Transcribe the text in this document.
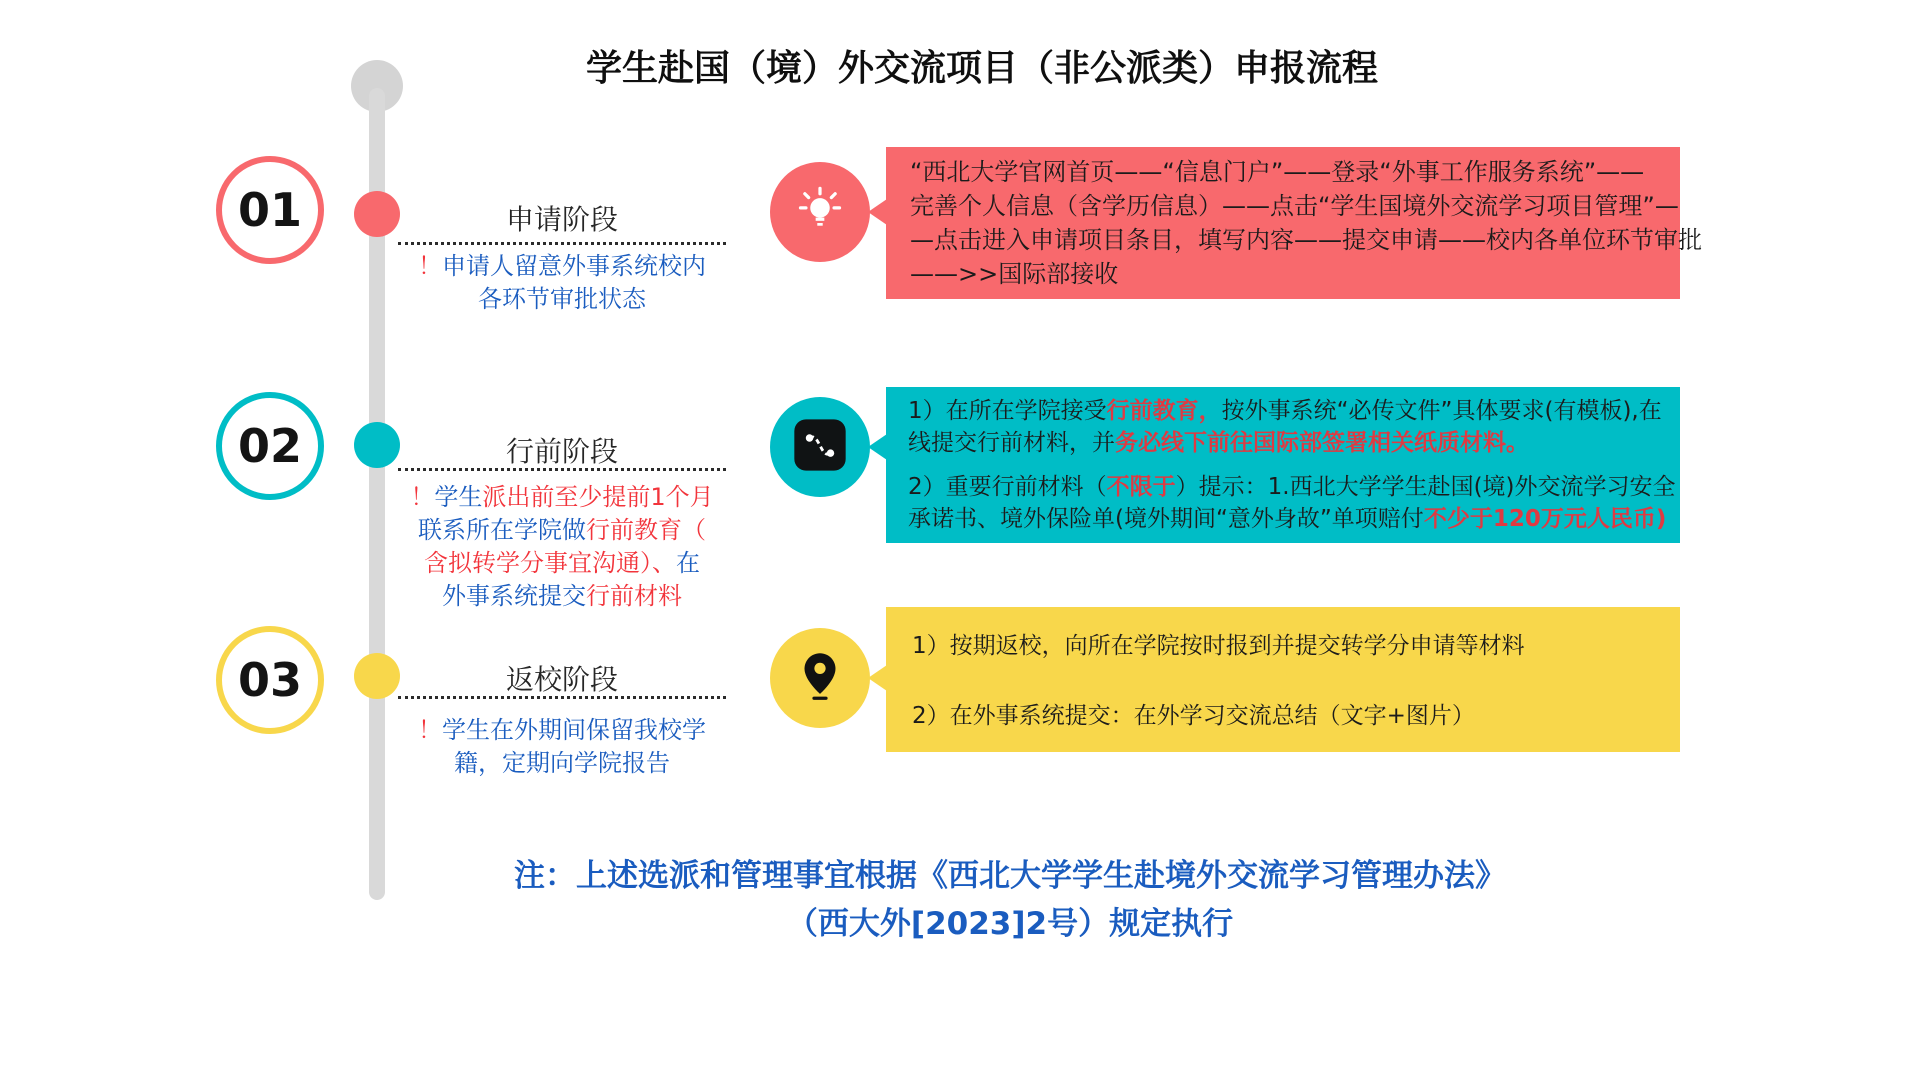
学生赴国（境）外交流项目（非公派类）申报流程
01	申请阶段
！申请人留意外事系统校内
各环节审批状态
“西北大学官网首页——“信息门户”——登录“外事工作服务系统”——
完善个人信息（含学历信息）——点击“学生国境外交流学习项目管理”—
—点击进入申请项目条目，填写内容——提交申请——校内各单位环节审批
——>>国际部接收
02	行前阶段
！学生派出前至少提前1个月
联系所在学院做行前教育（
含拟转学分事宜沟通）、在
外事系统提交行前材料
1）在所在学院接受行前教育，按外事系统“必传文件”具体要求(有模板),在
线提交行前材料，并务必线下前往国际部签署相关纸质材料。
2）重要行前材料（不限于）提示：1.西北大学学生赴国(境)外交流学习安全
承诺书、境外保险单(境外期间“意外身故”单项赔付不少于120万元人民币)
03	返校阶段
！学生在外期间保留我校学
籍，定期向学院报告
1）按期返校，向所在学院按时报到并提交转学分申请等材料
2）在外事系统提交：在外学习交流总结（文字+图片）
注：上述选派和管理事宜根据《西北大学学生赴境外交流学习管理办法》
（西大外[2023]2号）规定执行
